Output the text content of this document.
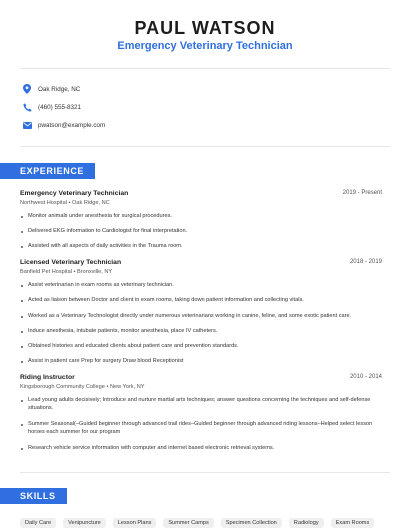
PAUL WATSON
Emergency Veterinary Technician
Oak Ridge, NC
(460) 555-8321
pwatson@example.com
EXPERIENCE
Emergency Veterinary Technician	2019 - Present
Northwest Hospital • Oak Ridge, NC
Monitor animals under anesthesia for surgical procedures.
Delivered EKG information to Cardiologist for final interpretation.
Assisted with all aspects of daily activities in the Trauma room.
Licensed Veterinary Technician	2018 - 2019
Banfield Pet Hospital • Bronxville, NY
Assist veterinarian in exam rooms as veterinary technician.
Acted as liaison between Doctor and client in exam rooms, taking down patient information and collecting vitals.
Worked as a Veterinary Technologist directly under numerous veterinarians working in canine, feline, and some exotic patient care.
Induce anesthesia, intubate patients, monitor anesthesia, place IV catheters.
Obtained histories and educated clients about patient care and prevention standards.
Assist in patient care Prep for surgery Draw blood Receptionist
Riding Instructor	2010 - 2014
Kingsborough Community College • New York, NY
Lead young adults decisively; Introduce and nurture martial arts techniques; answer questions concerning the techniques and self-defense situations.
Summer Seasonal(–Guided beginner through advanced trail rides–Guided beginner through advanced riding lessons–Helped select lesson horses each summer for our program
Research vehicle service information with computer and internet based electronic retrieval systems.
SKILLS
Daily Care	Venipuncture	Lesson Plans	Summer Camps	Specimen Collection	Radiology	Exam Rooms
